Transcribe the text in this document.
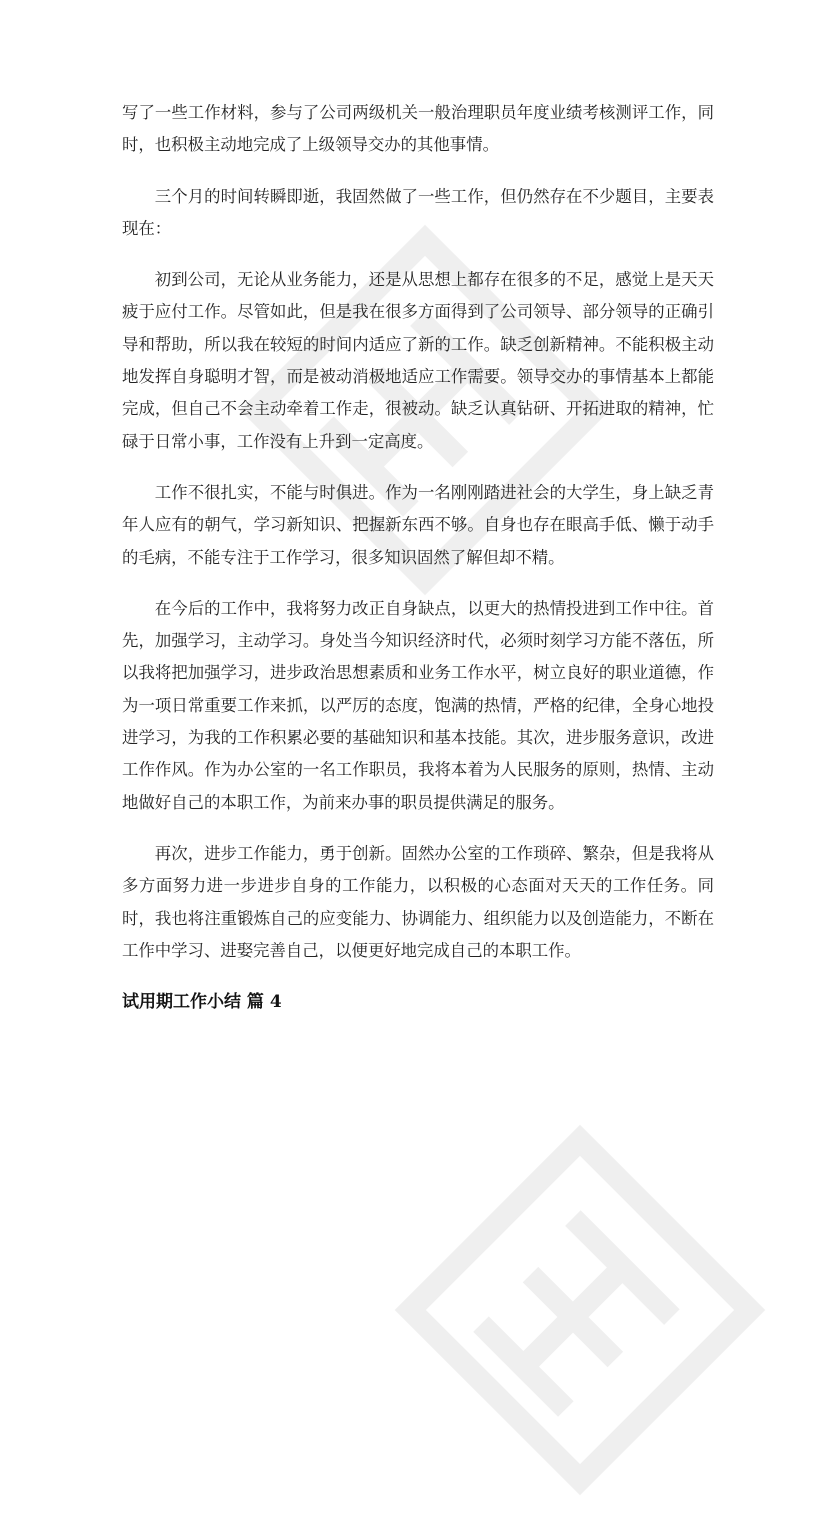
写了一些工作材料，参与了公司两级机关一般治理职员年度业绩考核测评工作，同时，也积极主动地完成了上级领导交办的其他事情。

三个月的时间转瞬即逝，我固然做了一些工作，但仍然存在不少题目，主要表现在：

初到公司，无论从业务能力，还是从思想上都存在很多的不足，感觉上是天天疲于应付工作。尽管如此，但是我在很多方面得到了公司领导、部分领导的正确引导和帮助，所以我在较短的时间内适应了新的工作。缺乏创新精神。不能积极主动地发挥自身聪明才智，而是被动消极地适应工作需要。领导交办的事情基本上都能完成，但自己不会主动牵着工作走，很被动。缺乏认真钻研、开拓进取的精神，忙碌于日常小事，工作没有上升到一定高度。

工作不很扎实，不能与时俱进。作为一名刚刚踏进社会的大学生，身上缺乏青年人应有的朝气，学习新知识、把握新东西不够。自身也存在眼高手低、懒于动手的毛病，不能专注于工作学习，很多知识固然了解但却不精。

在今后的工作中，我将努力改正自身缺点，以更大的热情投进到工作中往。首先，加强学习，主动学习。身处当今知识经济时代，必须时刻学习方能不落伍，所以我将把加强学习，进步政治思想素质和业务工作水平，树立良好的职业道德，作为一项日常重要工作来抓，以严厉的态度，饱满的热情，严格的纪律，全身心地投进学习，为我的工作积累必要的基础知识和基本技能。其次，进步服务意识，改进工作作风。作为办公室的一名工作职员，我将本着为人民服务的原则，热情、主动地做好自己的本职工作，为前来办事的职员提供满足的服务。

再次，进步工作能力，勇于创新。固然办公室的工作琐碎、繁杂，但是我将从多方面努力进一步进步自身的工作能力，以积极的心态面对天天的工作任务。同时，我也将注重锻炼自己的应变能力、协调能力、组织能力以及创造能力，不断在工作中学习、进娶完善自己，以便更好地完成自己的本职工作。

试用期工作小结 篇 4
